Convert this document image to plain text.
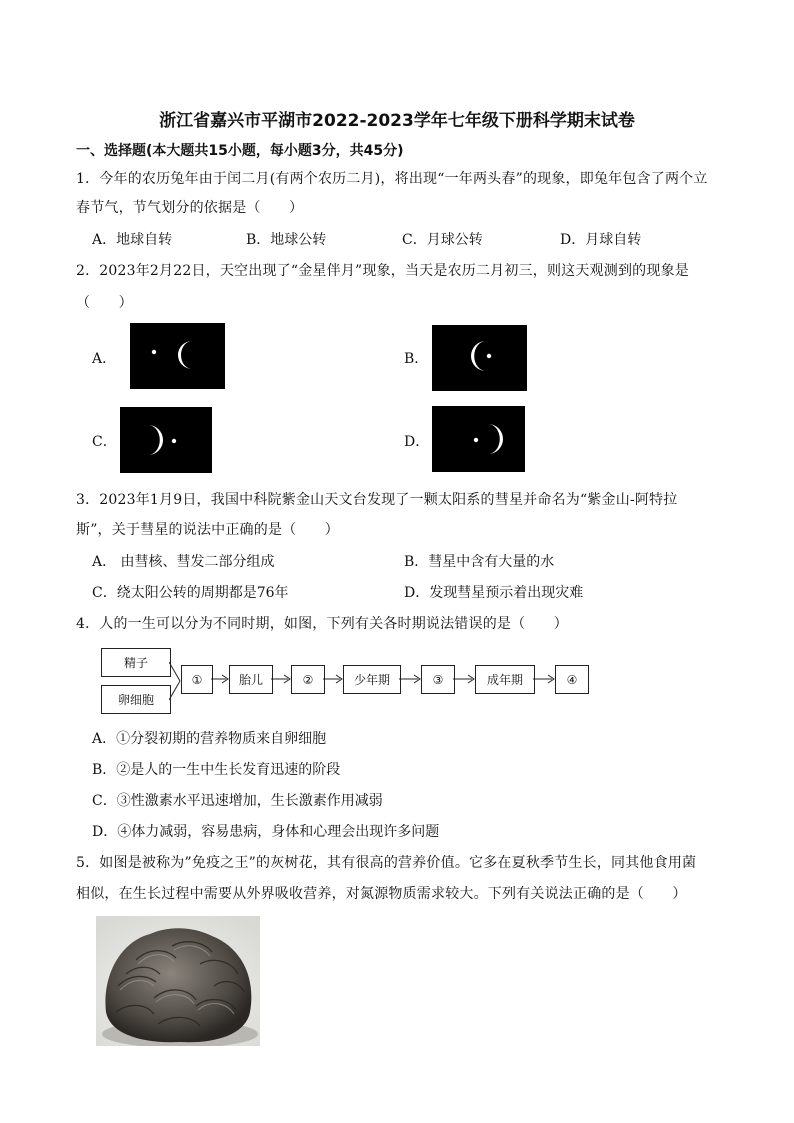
浙江省嘉兴市平湖市2022-2023学年七年级下册科学期末试卷
一、选择题(本大题共15小题，每小题3分，共45分)
1．今年的农历兔年由于闰二月(有两个农历二月)，将出现“一年两头春”的现象，即兔年包含了两个立
春节气，节气划分的依据是（　　）
A．地球自转	B．地球公转	C．月球公转	D．月球自转
2．2023年2月22日，天空出现了“金星伴月”现象，当天是农历二月初三，则这天观测到的现象是
（　　）
A．	B．
C．	D．
3．2023年1月9日，我国中科院紫金山天文台发现了一颗太阳系的彗星并命名为“紫金山-阿特拉
斯”，关于彗星的说法中正确的是（　　）
A． 由彗核、彗发二部分组成	B．彗星中含有大量的水
C．绕太阳公转的周期都是76年	D．发现彗星预示着出现灾难
4．人的一生可以分为不同时期，如图，下列有关各时期说法错误的是（　　）
精子
卵细胞
①	胎儿	②	少年期	③	成年期	④
A．①分裂初期的营养物质来自卵细胞
B．②是人的一生中生长发育迅速的阶段
C．③性激素水平迅速增加，生长激素作用减弱
D．④体力减弱，容易患病，身体和心理会出现许多问题
5．如图是被称为”免疫之王”的灰树花，其有很高的营养价值。它多在夏秋季节生长，同其他食用菌
相似，在生长过程中需要从外界吸收营养，对氮源物质需求较大。下列有关说法正确的是（　　）
